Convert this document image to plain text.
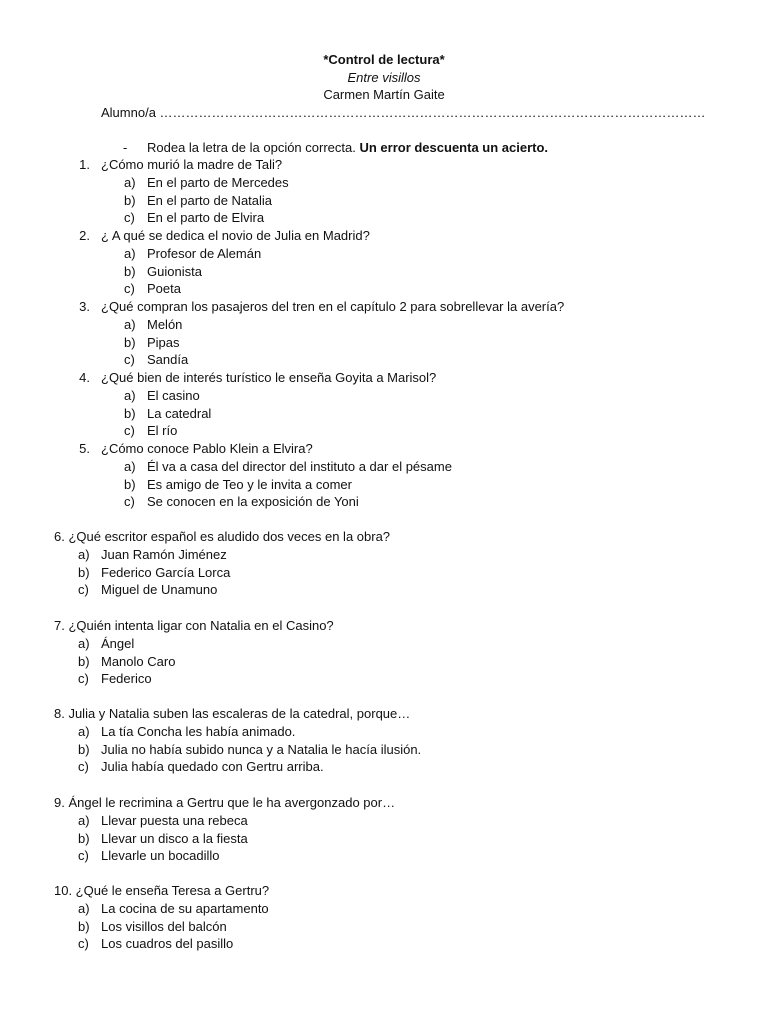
*Control de lectura*
Entre visillos
Carmen Martín Gaite
Alumno/a ………………………………………………………………………………………………………………
- Rodea la letra de la opción correcta. Un error descuenta un acierto.
1. ¿Cómo murió la madre de Tali?
a) En el parto de Mercedes
b) En el parto de Natalia
c) En el parto de Elvira
2. ¿ A qué se dedica el novio de Julia en Madrid?
a) Profesor de Alemán
b) Guionista
c) Poeta
3. ¿Qué compran los pasajeros del tren en el capítulo 2 para sobrellevar la avería?
a) Melón
b) Pipas
c) Sandía
4. ¿Qué bien de interés turístico le enseña Goyita a Marisol?
a) El casino
b) La catedral
c) El río
5. ¿Cómo conoce Pablo Klein a Elvira?
a) Él va a casa del director del instituto a dar el pésame
b) Es amigo de Teo y le invita a comer
c) Se conocen en la exposición de Yoni
6. ¿Qué escritor español es aludido dos veces en la obra?
a) Juan Ramón Jiménez
b) Federico García Lorca
c) Miguel de Unamuno
7. ¿Quién intenta ligar con Natalia en el Casino?
a) Ángel
b) Manolo Caro
c) Federico
8. Julia y Natalia suben las escaleras de la catedral, porque…
a) La tía Concha les había animado.
b) Julia no había subido nunca y a Natalia le hacía ilusión.
c) Julia había quedado con Gertru arriba.
9. Ángel le recrimina a Gertru que le ha avergonzado por…
a) Llevar puesta una rebeca
b) Llevar un disco a la fiesta
c) Llevarle un bocadillo
10. ¿Qué le enseña Teresa a Gertru?
a) La cocina de su apartamento
b) Los visillos del balcón
c) Los cuadros del pasillo
